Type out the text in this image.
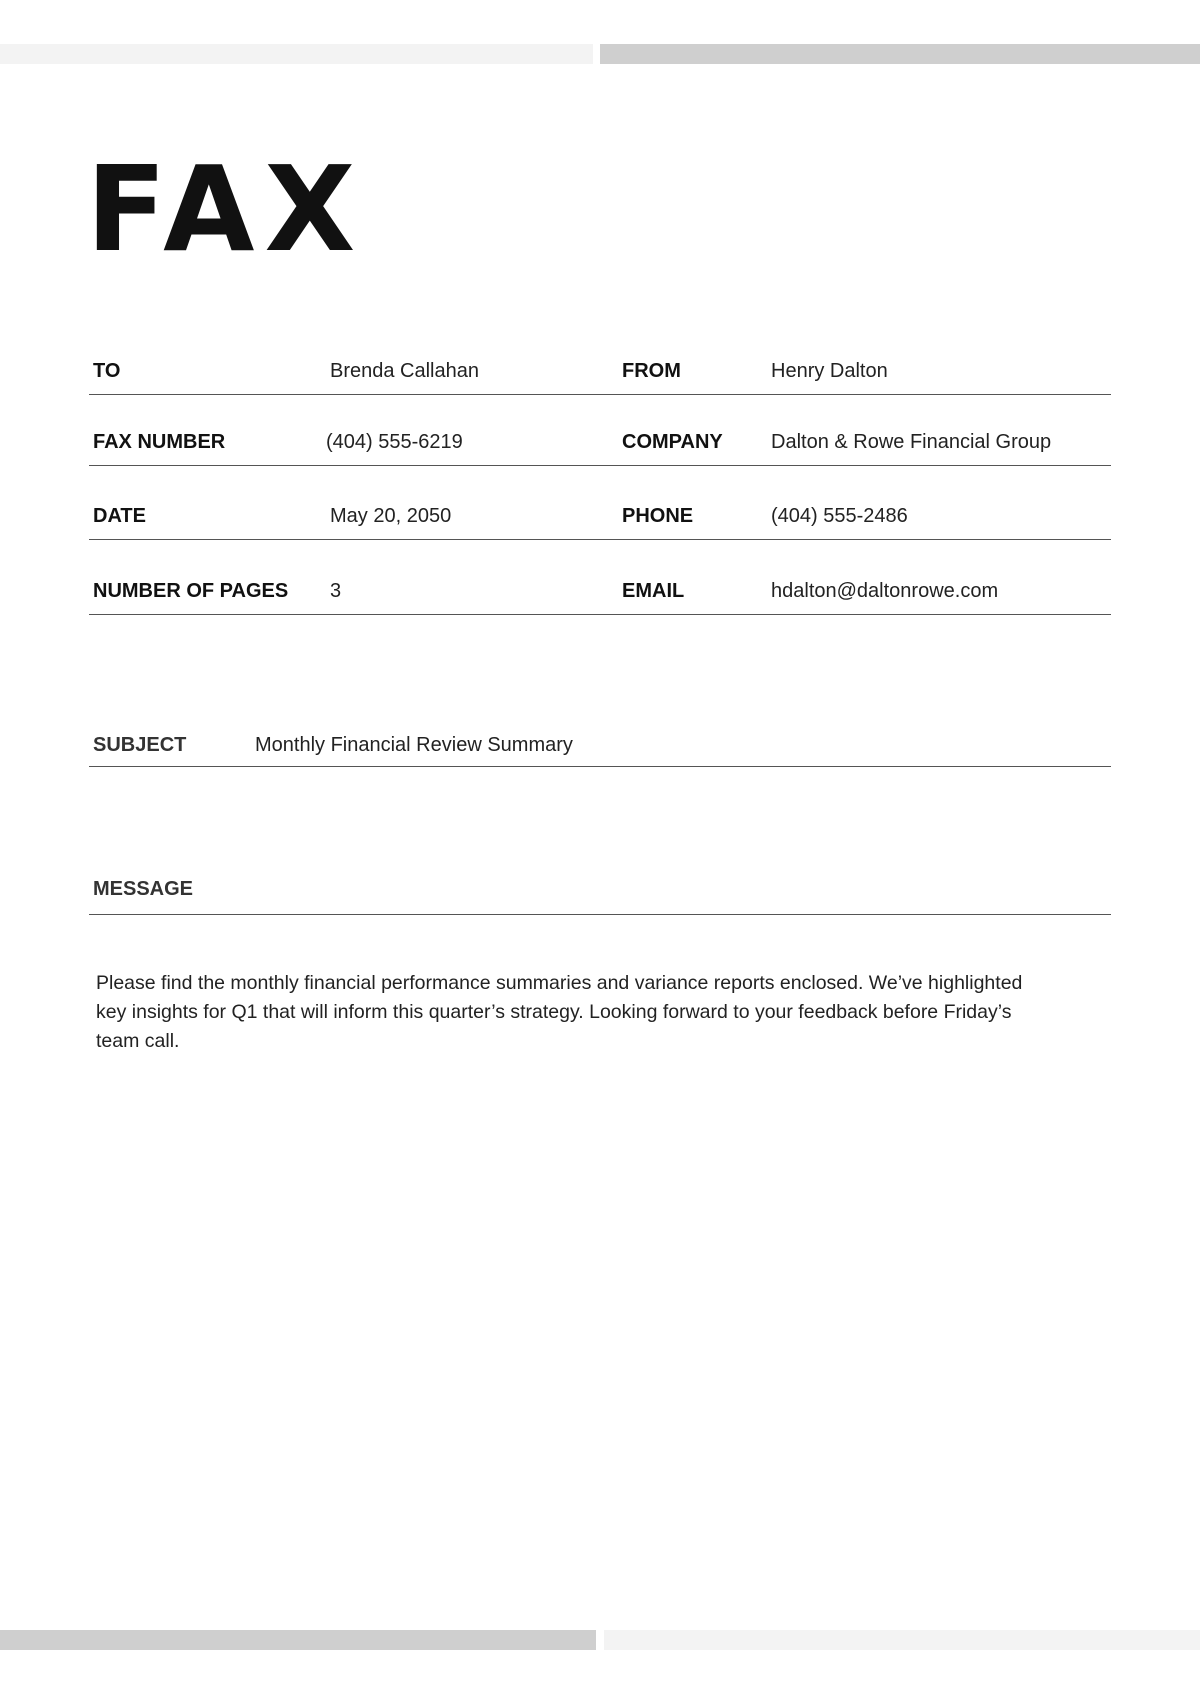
FAX
TO	Brenda Callahan	FROM	Henry Dalton
FAX NUMBER	(404) 555-6219	COMPANY Dalton & Rowe Financial Group
DATE	May 20, 2050	PHONE	(404) 555-2486
NUMBER OF PAGES 3	EMAIL	hdalton@daltonrowe.com
SUBJECT	Monthly Financial Review Summary
MESSAGE

Please find the monthly financial performance summaries and variance reports enclosed. We’ve highlighted key insights for Q1 that will inform this quarter’s strategy. Looking forward to your feedback before Friday’s team call.
